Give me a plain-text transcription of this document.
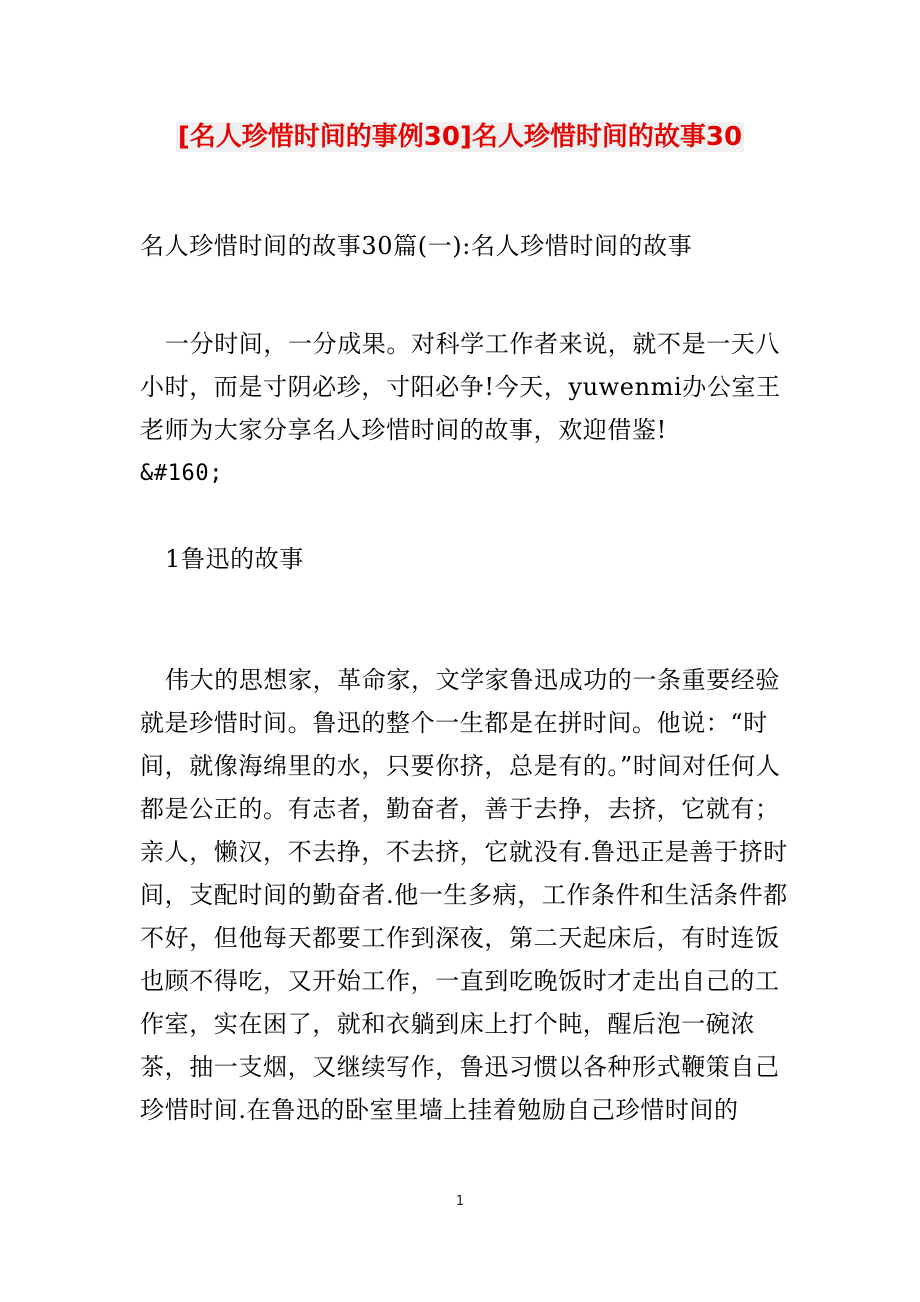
[名人珍惜时间的事例30]名人珍惜时间的故事30
名人珍惜时间的故事30篇(一):名人珍惜时间的故事
一分时间，一分成果。对科学工作者来说，就不是一天八小时，而是寸阴必珍，寸阳必争!今天，yuwenmi办公室王老师为大家分享名人珍惜时间的故事，欢迎借鉴!
&#160;
1鲁迅的故事
伟大的思想家，革命家，文学家鲁迅成功的一条重要经验就是珍惜时间。鲁迅的整个一生都是在拼时间。他说：“时间，就像海绵里的水，只要你挤，总是有的。”时间对任何人都是公正的。有志者，勤奋者，善于去挣，去挤，它就有；亲人，懒汉，不去挣，不去挤，它就没有.鲁迅正是善于挤时间，支配时间的勤奋者.他一生多病，工作条件和生活条件都不好，但他每天都要工作到深夜，第二天起床后，有时连饭也顾不得吃，又开始工作，一直到吃晚饭时才走出自己的工作室，实在困了，就和衣躺到床上打个盹，醒后泡一碗浓茶，抽一支烟，又继续写作，鲁迅习惯以各种形式鞭策自己珍惜时间.在鲁迅的卧室里墙上挂着勉励自己珍惜时间的
1
